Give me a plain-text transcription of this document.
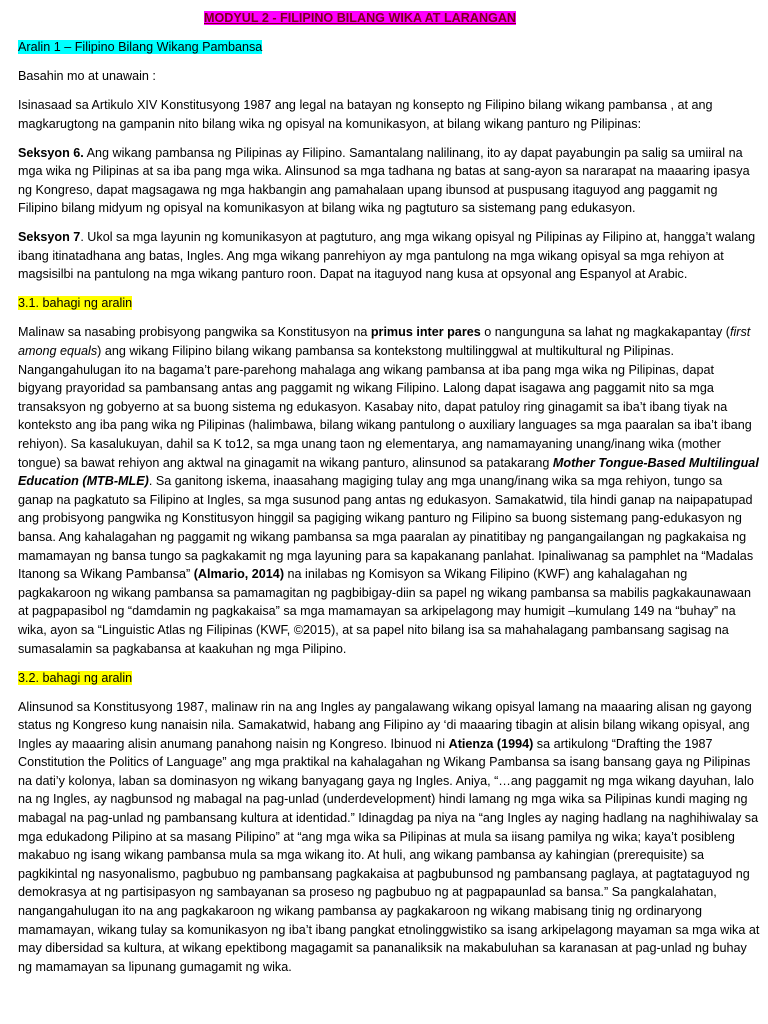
MODYUL 2 - FILIPINO BILANG WIKA AT LARANGAN

Aralin 1 – Filipino Bilang Wikang Pambansa

Basahin mo at unawain :

Isinasaad sa Artikulo XIV Konstitusyong 1987 ang legal na batayan ng konsepto ng Filipino bilang wikang pambansa , at ang magkarugtong na gampanin nito bilang wika ng opisyal na komunikasyon, at bilang wikang panturo ng Pilipinas:

Seksyon 6. Ang wikang pambansa ng Pilipinas ay Filipino. Samantalang nalilinang, ito ay dapat payabungin pa salig sa umiiral na mga wika ng Pilipinas at sa iba pang mga wika. Alinsunod sa mga tadhana ng batas at sang-ayon sa nararapat na maaaring ipasya ng Kongreso, dapat magsagawa ng mga hakbangin ang pamahalaan upang ibunsod at puspusang itaguyod ang paggamit ng Filipino bilang midyum ng opisyal na komunikasyon at bilang wika ng pagtuturo sa sistemang pang edukasyon.

Seksyon 7. Ukol sa mga layunin ng komunikasyon at pagtuturo, ang mga wikang opisyal ng Pilipinas ay Filipino at, hangga’t walang ibang itinatadhana ang batas, Ingles. Ang mga wikang panrehiyon ay mga pantulong na mga wikang opisyal sa mga rehiyon at magsisilbi na pantulong na mga wikang panturo roon. Dapat na itaguyod nang kusa at opsyonal ang Espanyol at Arabic.

3.1. bahagi ng aralin

Malinaw sa nasabing probisyong pangwika sa Konstitusyon na primus inter pares o nangunguna sa lahat ng magkakapantay (first among equals) ang wikang Filipino bilang wikang pambansa sa kontekstong multilinggwal at multikultural ng Pilipinas. Nangangahulugan ito na bagama’t pare-parehong mahalaga ang wikang pambansa at iba pang mga wika ng Pilipinas, dapat bigyang prayoridad sa pambansang antas ang paggamit ng wikang Filipino. Lalong dapat isagawa ang paggamit nito sa mga transaksyon ng gobyerno at sa buong sistema ng edukasyon. Kasabay nito, dapat patuloy ring ginagamit sa iba’t ibang tiyak na konteksto ang iba pang wika ng Pilipinas (halimbawa, bilang wikang pantulong o auxiliary languages sa mga paaralan sa iba’t ibang rehiyon). Sa kasalukuyan, dahil sa K to12, sa mga unang taon ng elementarya, ang namamayaning unang/inang wika (mother tongue) sa bawat rehiyon ang aktwal na ginagamit na wikang panturo, alinsunod sa patakarang Mother Tongue-Based Multilingual Education (MTB-MLE). Sa ganitong iskema, inaasahang magiging tulay ang mga unang/inang wika sa mga rehiyon, tungo sa ganap na pagkatuto sa Filipino at Ingles, sa mga susunod pang antas ng edukasyon. Samakatwid, tila hindi ganap na naipapatupad ang probisyong pangwika ng Konstitusyon hinggil sa pagiging wikang panturo ng Filipino sa buong sistemang pang-edukasyon ng bansa. Ang kahalagahan ng paggamit ng wikang pambansa sa mga paaralan ay pinatitibay ng pangangailangan ng pagkakaisa ng mamamayan ng bansa tungo sa pagkakamit ng mga layuning para sa kapakanang panlahat. Ipinaliwanag sa pamphlet na “Madalas Itanong sa Wikang Pambansa” (Almario, 2014) na inilabas ng Komisyon sa Wikang Filipino (KWF) ang kahalagahan ng pagkakaroon ng wikang pambansa sa pamamagitan ng pagbibigay-diin sa papel ng wikang pambansa sa mabilis pagkakaunawaan at pagpapasibol ng “damdamin ng pagkakaisa” sa mga mamamayan sa arkipelagong may humigit –kumulang 149 na “buhay” na wika, ayon sa “Linguistic Atlas ng Filipinas (KWF, ©2015), at sa papel nito bilang isa sa mahahalagang pambansang sagisag na sumasalamin sa pagkabansa at kaakuhan ng mga Pilipino.

3.2. bahagi ng aralin

Alinsunod sa Konstitusyong 1987, malinaw rin na ang Ingles ay pangalawang wikang opisyal lamang na maaaring alisan ng gayong status ng Kongreso kung nanaisin nila. Samakatwid, habang ang Filipino ay ‘di maaaring tibagin at alisin bilang wikang opisyal, ang Ingles ay maaaring alisin anumang panahong naisin ng Kongreso. Ibinuod ni Atienza (1994) sa artikulong “Drafting the 1987 Constitution the Politics of Language” ang mga praktikal na kahalagahan ng Wikang Pambansa sa isang bansang gaya ng Pilipinas na dati’y kolonya, laban sa dominasyon ng wikang banyagang gaya ng Ingles. Aniya, “…ang paggamit ng mga wikang dayuhan, lalo na ng Ingles, ay nagbunsod ng mabagal na pag-unlad (underdevelopment) hindi lamang ng mga wika sa Pilipinas kundi maging ng mabagal na pag-unlad ng pambansang kultura at identidad.” Idinagdag pa niya na “ang Ingles ay naging hadlang na naghihiwalay sa mga edukadong Pilipino at sa masang Pilipino” at “ang mga wika sa Pilipinas at mula sa iisang pamilya ng wika; kaya’t posibleng makabuo ng isang wikang pambansa mula sa mga wikang ito. At huli, ang wikang pambansa ay kahingian (prerequisite) sa pagkikintal ng nasyonalismo, pagbubuo ng pambansang pagkakaisa at pagbubunsod ng pambansang paglaya, at pagtataguyod ng demokrasya at ng partisipasyon ng sambayanan sa proseso ng pagbubuo ng at pagpapaunlad sa bansa.” Sa pangkalahatan, nangangahulugan ito na ang pagkakaroon ng wikang pambansa ay pagkakaroon ng wikang mabisang tinig ng ordinaryong mamamayan, wikang tulay sa komunikasyon ng iba’t ibang pangkat etnolinggwistiko sa isang arkipelagong mayaman sa mga wika at may dibersidad sa kultura, at wikang epektibong magagamit sa pananaliksik na makabuluhan sa karanasan at pag-unlad ng buhay ng mamamayan sa lipunang gumagamit ng wika.
